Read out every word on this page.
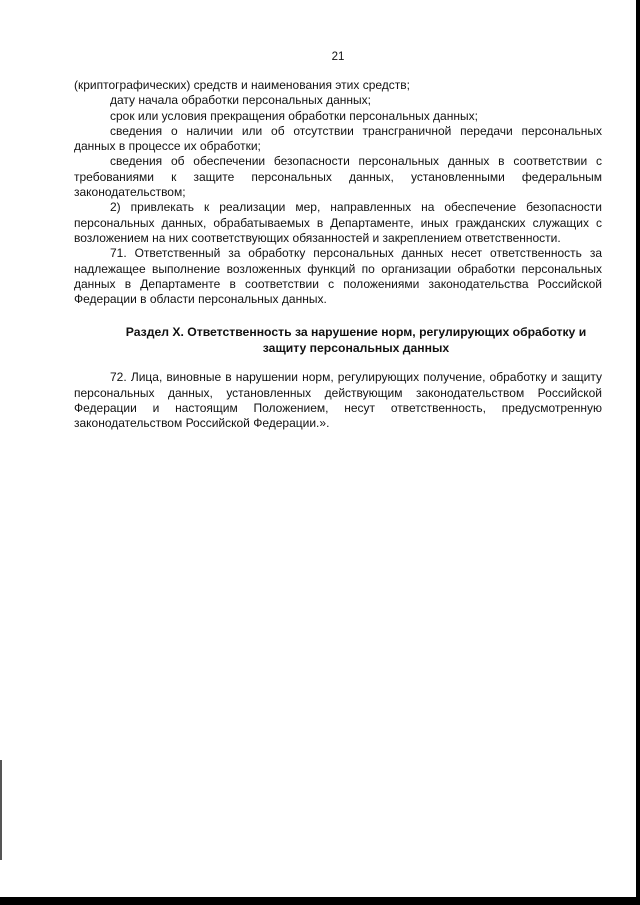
21

(криптографических) средств и наименования этих средств;

дату начала обработки персональных данных;

срок или условия прекращения обработки персональных данных;

сведения о наличии или об отсутствии трансграничной передачи персональных данных в процессе их обработки;

сведения об обеспечении безопасности персональных данных в соответствии с требованиями к защите персональных данных, установленными федеральным законодательством;

2) привлекать к реализации мер, направленных на обеспечение безопасности персональных данных, обрабатываемых в Департаменте, иных гражданских служащих с возложением на них соответствующих обязанностей и закреплением ответственности.

71. Ответственный за обработку персональных данных несет ответственность за надлежащее выполнение возложенных функций по организации обработки персональных данных в Департаменте в соответствии с положениями законодательства Российской Федерации в области персональных данных.

Раздел X. Ответственность за нарушение норм, регулирующих обработку и
защиту персональных данных

72. Лица, виновные в нарушении норм, регулирующих получение, обработку и защиту персональных данных, установленных действующим законодательством Российской Федерации и настоящим Положением, несут ответственность, предусмотренную законодательством Российской Федерации.».
